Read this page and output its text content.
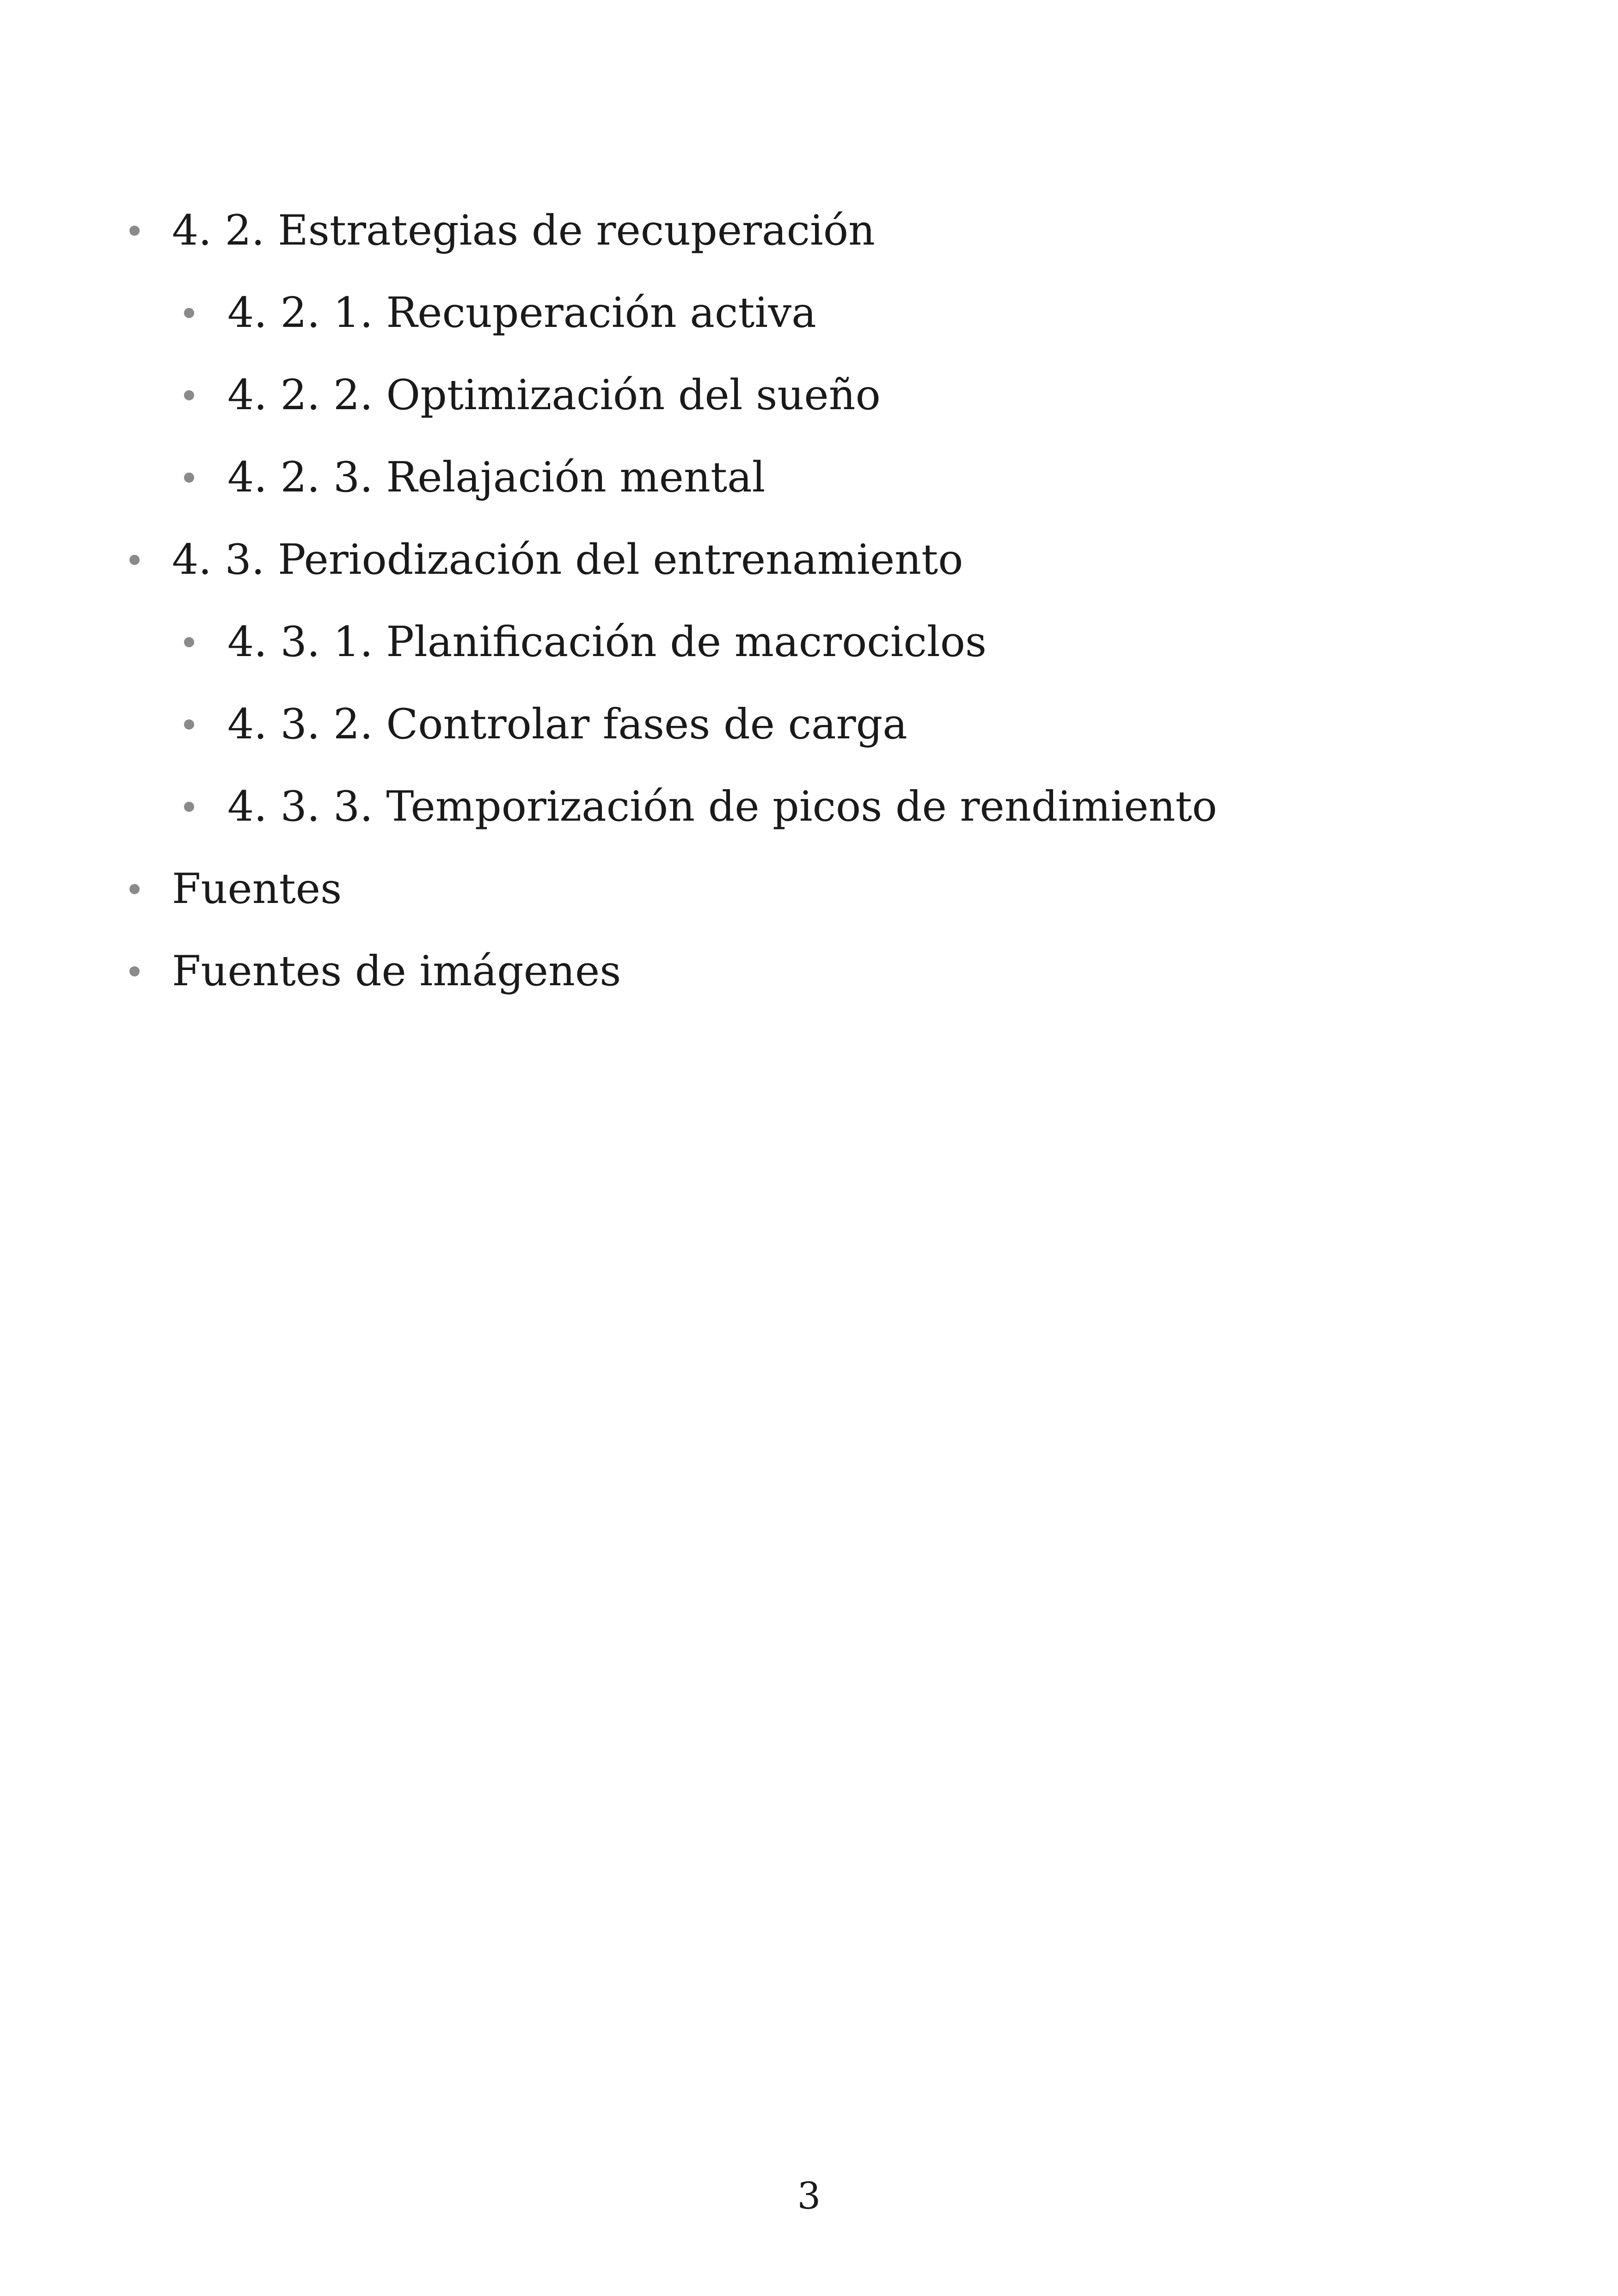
4. 2. Estrategias de recuperación
4. 2. 1. Recuperación activa
4. 2. 2. Optimización del sueño
4. 2. 3. Relajación mental
4. 3. Periodización del entrenamiento
4. 3. 1. Planificación de macrociclos
4. 3. 2. Controlar fases de carga
4. 3. 3. Temporización de picos de rendimiento
Fuentes
Fuentes de imágenes
3
